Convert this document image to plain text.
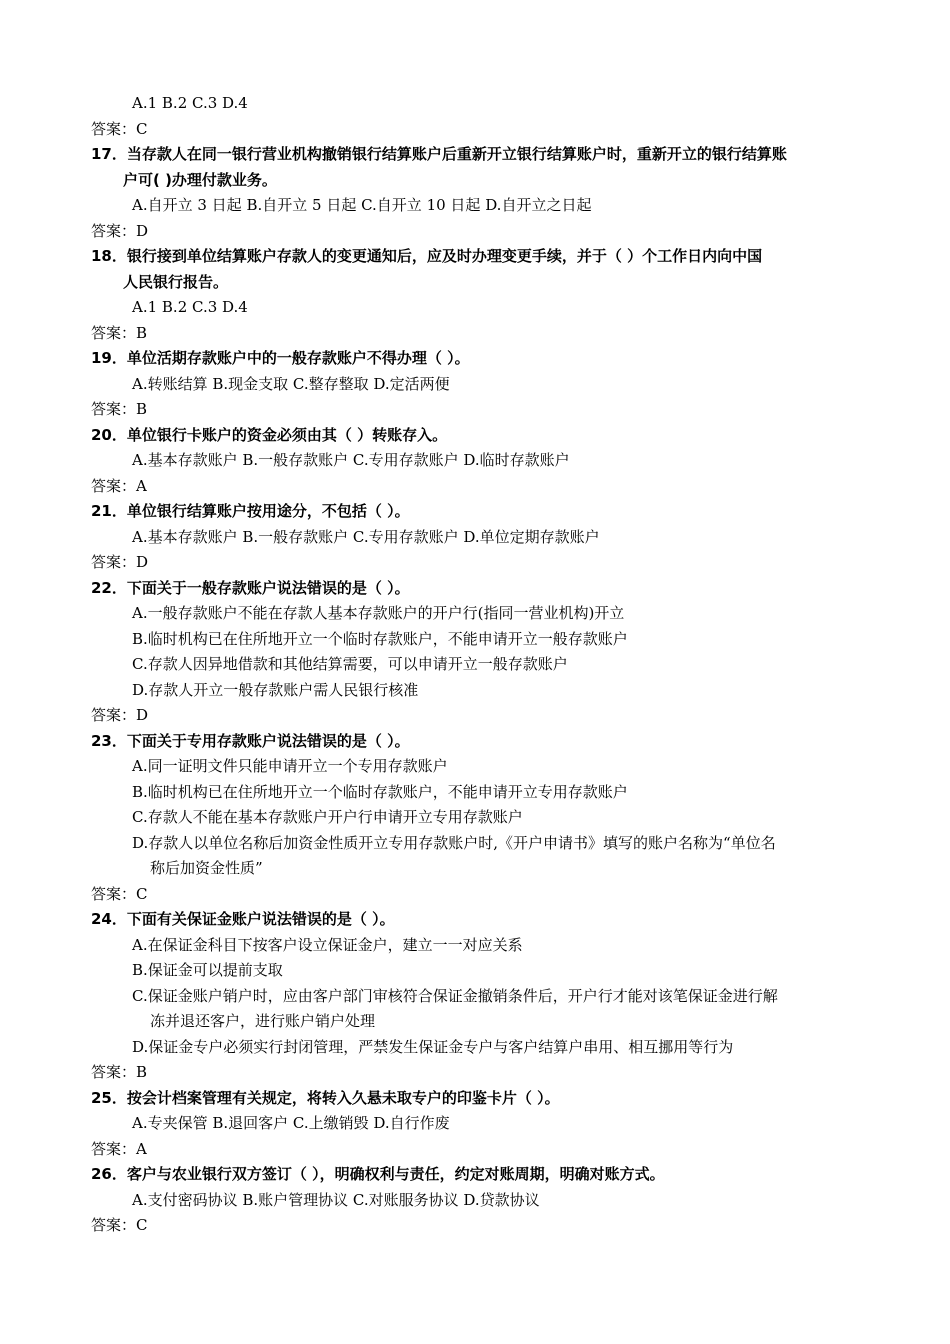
A.1 B.2 C.3 D.4
答案：C
17．当存款人在同一银行营业机构撤销银行结算账户后重新开立银行结算账户时，重新开立的银行结算账
户可( )办理付款业务。
A.自开立 3 日起 B.自开立 5 日起 C.自开立 10 日起 D.自开立之日起
答案：D
18．银行接到单位结算账户存款人的变更通知后，应及时办理变更手续，并于（ ）个工作日内向中国
人民银行报告。
A.1 B.2 C.3 D.4
答案：B
19．单位活期存款账户中的一般存款账户不得办理（ ）。
A.转账结算 B.现金支取 C.整存整取 D.定活两便
答案：B
20．单位银行卡账户的资金必须由其（ ）转账存入。
A.基本存款账户 B.一般存款账户 C.专用存款账户 D.临时存款账户
答案：A
21．单位银行结算账户按用途分，不包括（ ）。
A.基本存款账户 B.一般存款账户 C.专用存款账户 D.单位定期存款账户
答案：D
22．下面关于一般存款账户说法错误的是（ ）。
A.一般存款账户不能在存款人基本存款账户的开户行(指同一营业机构)开立
B.临时机构已在住所地开立一个临时存款账户，不能申请开立一般存款账户
C.存款人因异地借款和其他结算需要，可以申请开立一般存款账户
D.存款人开立一般存款账户需人民银行核准
答案：D
23．下面关于专用存款账户说法错误的是（ ）。
A.同一证明文件只能申请开立一个专用存款账户
B.临时机构已在住所地开立一个临时存款账户，不能申请开立专用存款账户
C.存款人不能在基本存款账户开户行申请开立专用存款账户
D.存款人以单位名称后加资金性质开立专用存款账户时,《开户申请书》填写的账户名称为“单位名
称后加资金性质”
答案：C
24．下面有关保证金账户说法错误的是（ ）。
A.在保证金科目下按客户设立保证金户，建立一一对应关系
B.保证金可以提前支取
C.保证金账户销户时，应由客户部门审核符合保证金撤销条件后，开户行才能对该笔保证金进行解
冻并退还客户，进行账户销户处理
D.保证金专户必须实行封闭管理，严禁发生保证金专户与客户结算户串用、相互挪用等行为
答案：B
25．按会计档案管理有关规定，将转入久悬未取专户的印鉴卡片（ ）。
A.专夹保管 B.退回客户 C.上缴销毁 D.自行作废
答案：A
26．客户与农业银行双方签订（ ），明确权利与责任，约定对账周期，明确对账方式。
A.支付密码协议 B.账户管理协议 C.对账服务协议 D.贷款协议
答案：C
